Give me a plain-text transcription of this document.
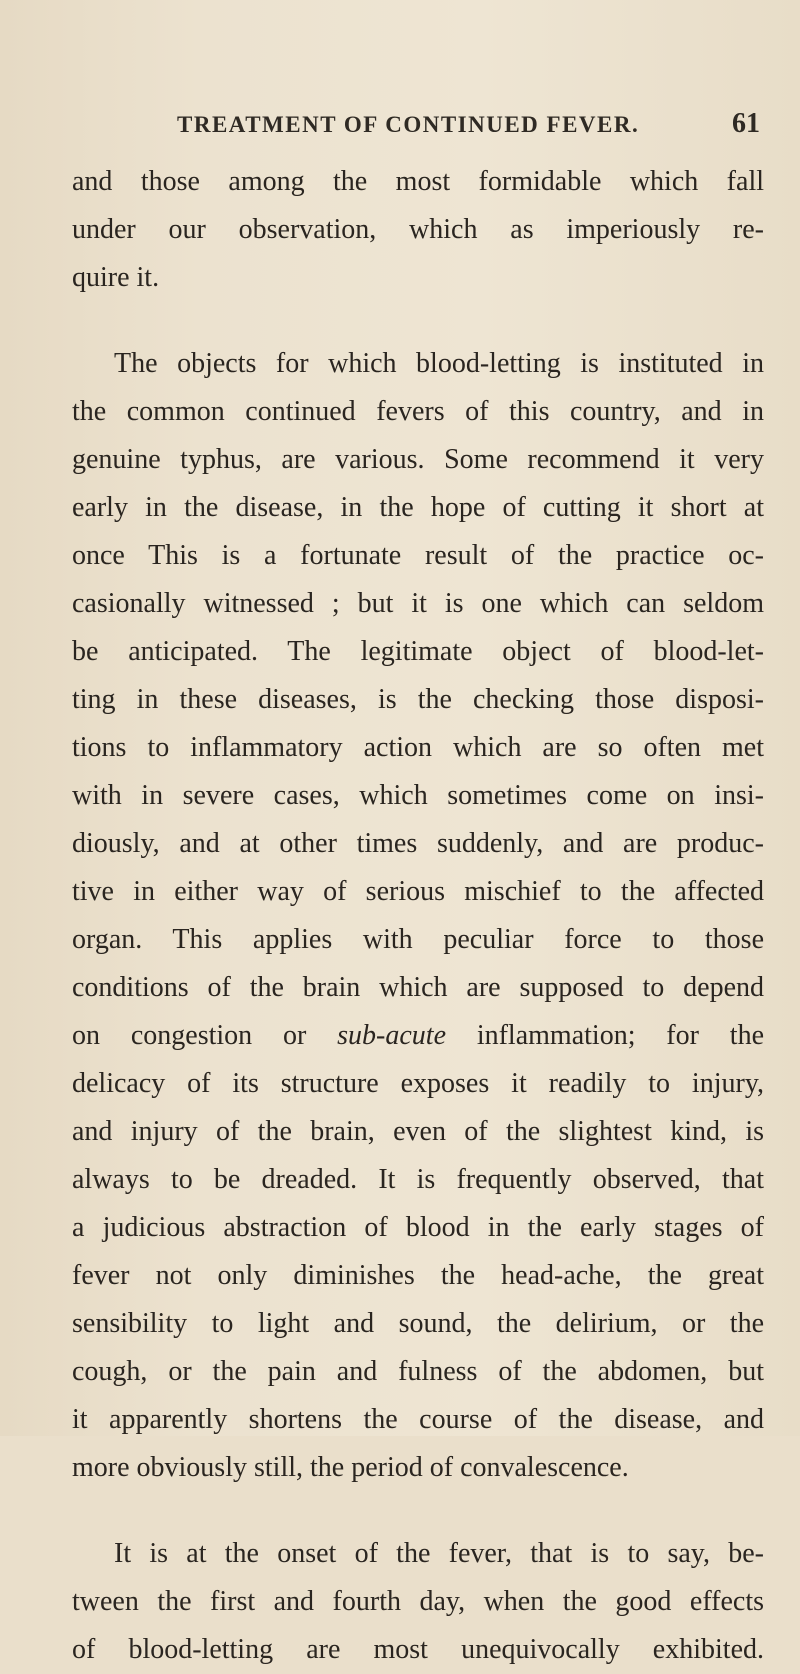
TREATMENT OF CONTINUED FEVER.	61
and those among the most formidable which fall
under our observation, which as imperiously re-
quire it.
The objects for which blood-letting is instituted in
the common continued fevers of this country, and in
genuine typhus, are various. Some recommend it very
early in the disease, in the hope of cutting it short at
once This is a fortunate result of the practice oc-
casionally witnessed ; but it is one which can seldom
be anticipated. The legitimate object of blood-let-
ting in these diseases, is the checking those disposi-
tions to inflammatory action which are so often met
with in severe cases, which sometimes come on insi-
diously, and at other times suddenly, and are produc-
tive in either way of serious mischief to the affected
organ. This applies with peculiar force to those
conditions of the brain which are supposed to depend
on congestion or sub-acute inflammation; for the
delicacy of its structure exposes it readily to injury,
and injury of the brain, even of the slightest kind, is
always to be dreaded. It is frequently observed, that
a judicious abstraction of blood in the early stages of
fever not only diminishes the head-ache, the great
sensibility to light and sound, the delirium, or the
cough, or the pain and fulness of the abdomen, but
it apparently shortens the course of the disease, and
more obviously still, the period of convalescence.
It is at the onset of the fever, that is to say, be-
tween the first and fourth day, when the good effects
of blood-letting are most unequivocally exhibited.
